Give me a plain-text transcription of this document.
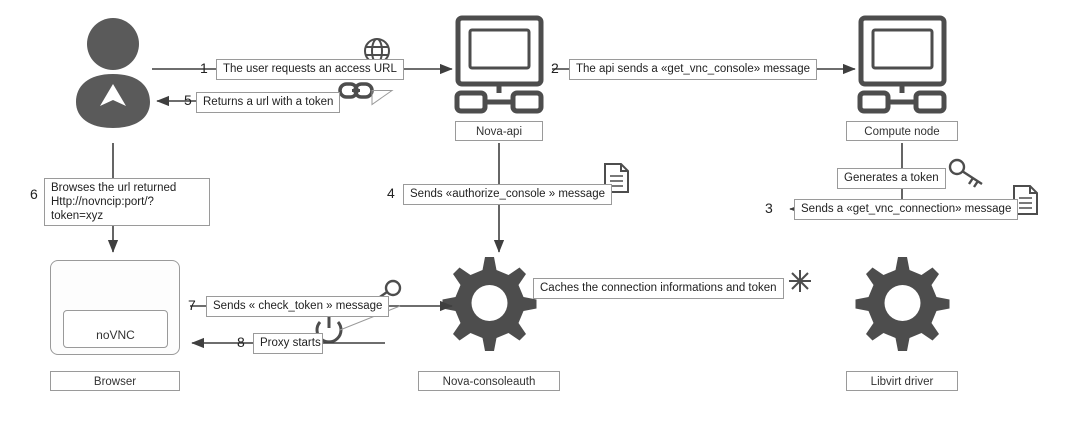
noVNC
Nova-api	Compute node
Browser	Nova-consoleauth	Libvirt driver
1	2
3
4
5
6
7
8
The user requests an access URL	The api sends a «get_vnc_console» message
Sends a «get_vnc_connection» message
Sends «authorize_console » message
Returns a url with a token
Browses the url returned Http://novncip:port/?token=xyz
Sends « check_token » message
Proxy starts
Generates a token
Caches the connection informations and token
